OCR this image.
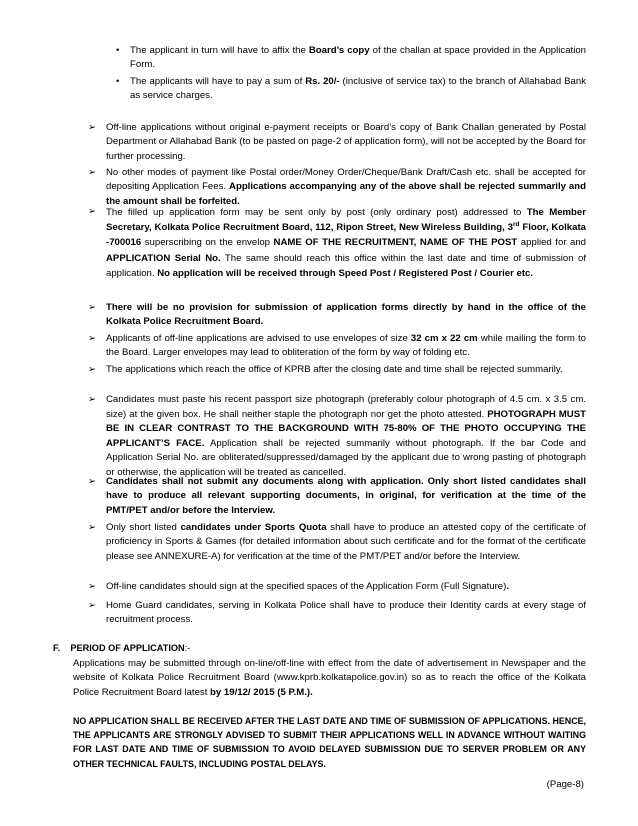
• The applicant in turn will have to affix the Board’s copy of the challan at space provided in the Application Form.
• The applicants will have to pay a sum of Rs. 20/- (inclusive of service tax) to the branch of Allahabad Bank as service charges.
➢ Off-line applications without original e-payment receipts or Board’s copy of Bank Challan generated by Postal Department or Allahabad Bank (to be pasted on page-2 of application form), will not be accepted by the Board for further processing.
➢ No other modes of payment like Postal order/Money Order/Cheque/Bank Draft/Cash etc. shall be accepted for depositing Application Fees. Applications accompanying any of the above shall be rejected summarily and the amount shall be forfeited.
➢ The filled up application form may be sent only by post (only ordinary post) addressed to The Member Secretary, Kolkata Police Recruitment Board, 112, Ripon Street, New Wireless Building, 3rd Floor, Kolkata -700016 superscribing on the envelop NAME OF THE RECRUITMENT, NAME OF THE POST applied for and APPLICATION Serial No. The same should reach this office within the last date and time of submission of application. No application will be received through Speed Post / Registered Post / Courier etc.
➢ There will be no provision for submission of application forms directly by hand in the office of the Kolkata Police Recruitment Board.
➢ Applicants of off-line applications are advised to use envelopes of size 32 cm x 22 cm while mailing the form to the Board. Larger envelopes may lead to obliteration of the form by way of folding etc.
➢ The applications which reach the office of KPRB after the closing date and time shall be rejected summarily.
➢ Candidates must paste his recent passport size photograph (preferably colour photograph of 4.5 cm. x 3.5 cm. size) at the given box. He shall neither staple the photograph nor get the photo attested. PHOTOGRAPH MUST BE IN CLEAR CONTRAST TO THE BACKGROUND WITH 75-80% OF THE PHOTO OCCUPYING THE APPLICANT’S FACE. Application shall be rejected summarily without photograph. If the bar Code and Application Serial No. are obliterated/suppressed/damaged by the applicant due to wrong pasting of photograph or otherwise, the application will be treated as cancelled.
➢ Candidates shall not submit any documents along with application. Only short listed candidates shall have to produce all relevant supporting documents, in original, for verification at the time of the PMT/PET and/or before the Interview.
➢ Only short listed candidates under Sports Quota shall have to produce an attested copy of the certificate of proficiency in Sports & Games (for detailed information about such certificate and for the format of the certificate please see ANNEXURE-A) for verification at the time of the PMT/PET and/or before the Interview.
➢ Off-line candidates should sign at the specified spaces of the Application Form (Full Signature).
➢ Home Guard candidates, serving in Kolkata Police shall have to produce their Identity cards at every stage of recruitment process.
F.    PERIOD OF APPLICATION:-
Applications may be submitted through on-line/off-line with effect from the date of advertisement in Newspaper and the website of Kolkata Police Recruitment Board (www.kprb.kolkatapolice.gov.in) so as to reach the office of the Kolkata Police Recruitment Board latest by 19/12/ 2015 (5 P.M.).
NO APPLICATION SHALL BE RECEIVED AFTER THE LAST DATE AND TIME OF SUBMISSION OF APPLICATIONS. HENCE, THE APPLICANTS ARE STRONGLY ADVISED TO SUBMIT THEIR APPLICATIONS WELL IN ADVANCE WITHOUT WAITING FOR LAST DATE AND TIME OF SUBMISSION TO AVOID DELAYED SUBMISSION DUE TO SERVER PROBLEM OR ANY OTHER TECHNICAL FAULTS, INCLUDING POSTAL DELAYS.
(Page-8)
